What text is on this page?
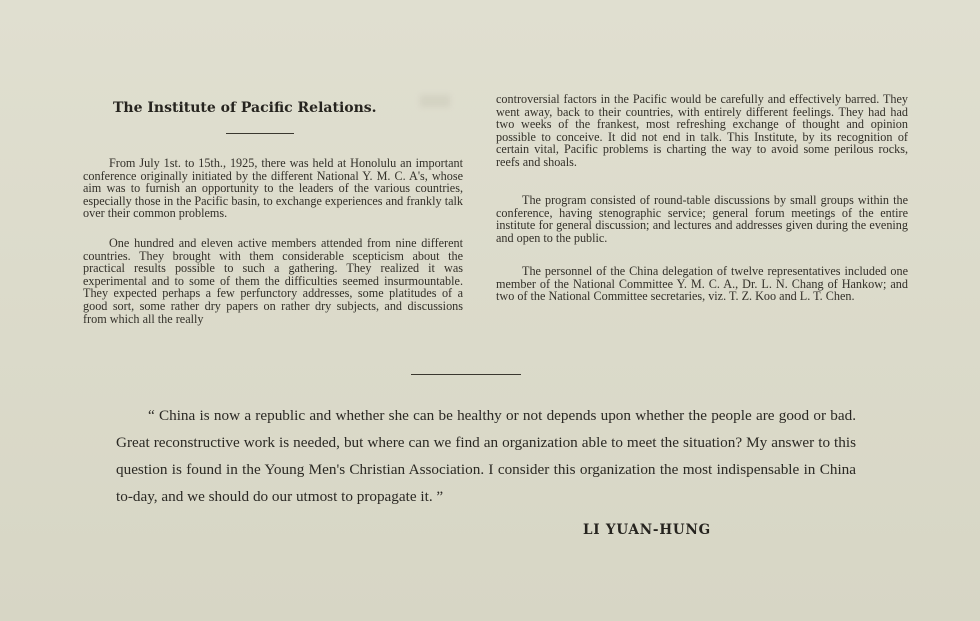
The Institute of Pacific Relations.

From July 1st. to 15th., 1925, there was held at Honolulu an important conference originally initiated by the different National Y. M. C. A's, whose aim was to furnish an opportunity to the leaders of the various countries, especially those in the Pacific basin, to exchange experiences and frankly talk over their common problems.

One hundred and eleven active members attended from nine different countries. They brought with them considerable scepticism about the practical results possible to such a gathering. They realized it was experimental and to some of them the difficulties seemed insurmountable. They expected perhaps a few perfunctory addresses, some platitudes of a good sort, some rather dry papers on rather dry subjects, and discussions from which all the really

controversial factors in the Pacific would be carefully and effectively barred. They went away, back to their countries, with entirely different feelings. They had had two weeks of the frankest, most refreshing exchange of thought and opinion possible to conceive. It did not end in talk. This Institute, by its recognition of certain vital, Pacific problems is charting the way to avoid some perilous rocks, reefs and shoals.

The program consisted of round-table discussions by small groups within the conference, having stenographic service; general forum meetings of the entire institute for general discussion; and lectures and addresses given during the evening and open to the public.

The personnel of the China delegation of twelve representatives included one member of the National Committee Y. M. C. A., Dr. L. N. Chang of Hankow; and two of the National Committee secretaries, viz. T. Z. Koo and L. T. Chen.

“ China is now a republic and whether she can be healthy or not depends upon whether the people are good or bad. Great reconstructive work is needed, but where can we find an organization able to meet the situation? My answer to this question is found in the Young Men's Christian Association. I consider this organization the most indispensable in China to-day, and we should do our utmost to propagate it. ”

LI YUAN-HUNG
